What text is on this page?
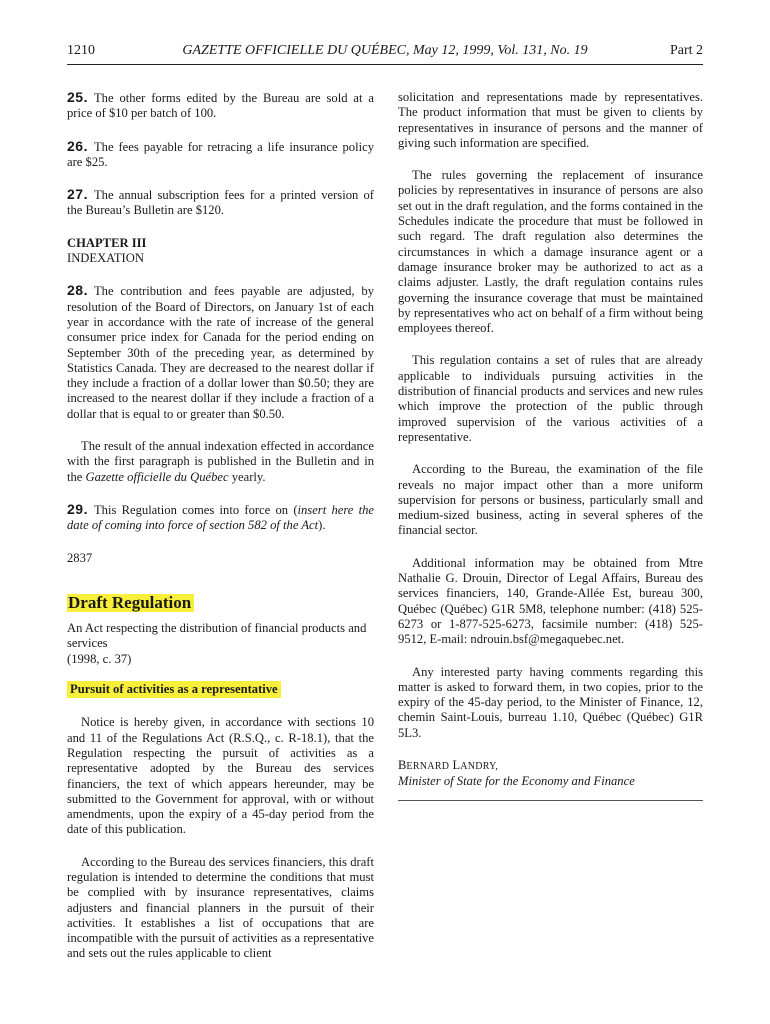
1210	GAZETTE OFFICIELLE DU QUÉBEC, May 12, 1999, Vol. 131, No. 19	Part 2

25. The other forms edited by the Bureau are sold at a price of $10 per batch of 100.

26. The fees payable for retracing a life insurance policy are $25.

27. The annual subscription fees for a printed version of the Bureau’s Bulletin are $120.

CHAPTER III
INDEXATION

28. The contribution and fees payable are adjusted, by resolution of the Board of Directors, on January 1st of each year in accordance with the rate of increase of the general consumer price index for Canada for the period ending on September 30th of the preceding year, as determined by Statistics Canada. They are decreased to the nearest dollar if they include a fraction of a dollar lower than $0.50; they are increased to the nearest dollar if they include a fraction of a dollar that is equal to or greater than $0.50.

The result of the annual indexation effected in accordance with the first paragraph is published in the Bulletin and in the Gazette officielle du Québec yearly.

29. This Regulation comes into force on (insert here the date of coming into force of section 582 of the Act).

2837

Draft Regulation

An Act respecting the distribution of financial products and services

(1998, c. 37)

Pursuit of activities as a representative

Notice is hereby given, in accordance with sections 10 and 11 of the Regulations Act (R.S.Q., c. R-18.1), that the Regulation respecting the pursuit of activities as a representative adopted by the Bureau des services financiers, the text of which appears hereunder, may be submitted to the Government for approval, with or without amendments, upon the expiry of a 45-day period from the date of this publication.

According to the Bureau des services financiers, this draft regulation is intended to determine the conditions that must be complied with by insurance representatives, claims adjusters and financial planners in the pursuit of their activities. It establishes a list of occupations that are incompatible with the pursuit of activities as a representative and sets out the rules applicable to client

solicitation and representations made by representatives. The product information that must be given to clients by representatives in insurance of persons and the manner of giving such information are specified.

The rules governing the replacement of insurance policies by representatives in insurance of persons are also set out in the draft regulation, and the forms contained in the Schedules indicate the procedure that must be followed in such regard. The draft regulation also determines the circumstances in which a damage insurance agent or a damage insurance broker may be authorized to act as a claims adjuster. Lastly, the draft regulation contains rules governing the insurance coverage that must be maintained by representatives who act on behalf of a firm without being employees thereof.

This regulation contains a set of rules that are already applicable to individuals pursuing activities in the distribution of financial products and services and new rules which improve the protection of the public through improved supervision of the various activities of a representative.

According to the Bureau, the examination of the file reveals no major impact other than a more uniform supervision for persons or business, particularly small and medium-sized business, acting in several spheres of the financial sector.

Additional information may be obtained from Mtre Nathalie G. Drouin, Director of Legal Affairs, Bureau des services financiers, 140, Grande-Allée Est, bureau 300, Québec (Québec) G1R 5M8, telephone number: (418) 525-6273 or 1-877-525-6273, facsimile number: (418) 525-9512, E-mail: ndrouin.bsf@megaquebec.net.

Any interested party having comments regarding this matter is asked to forward them, in two copies, prior to the expiry of the 45-day period, to the Minister of Finance, 12, chemin Saint-Louis, burreau 1.10, Québec (Québec) G1R 5L3.

BERNARD LANDRY,
Minister of State for the Economy and Finance
